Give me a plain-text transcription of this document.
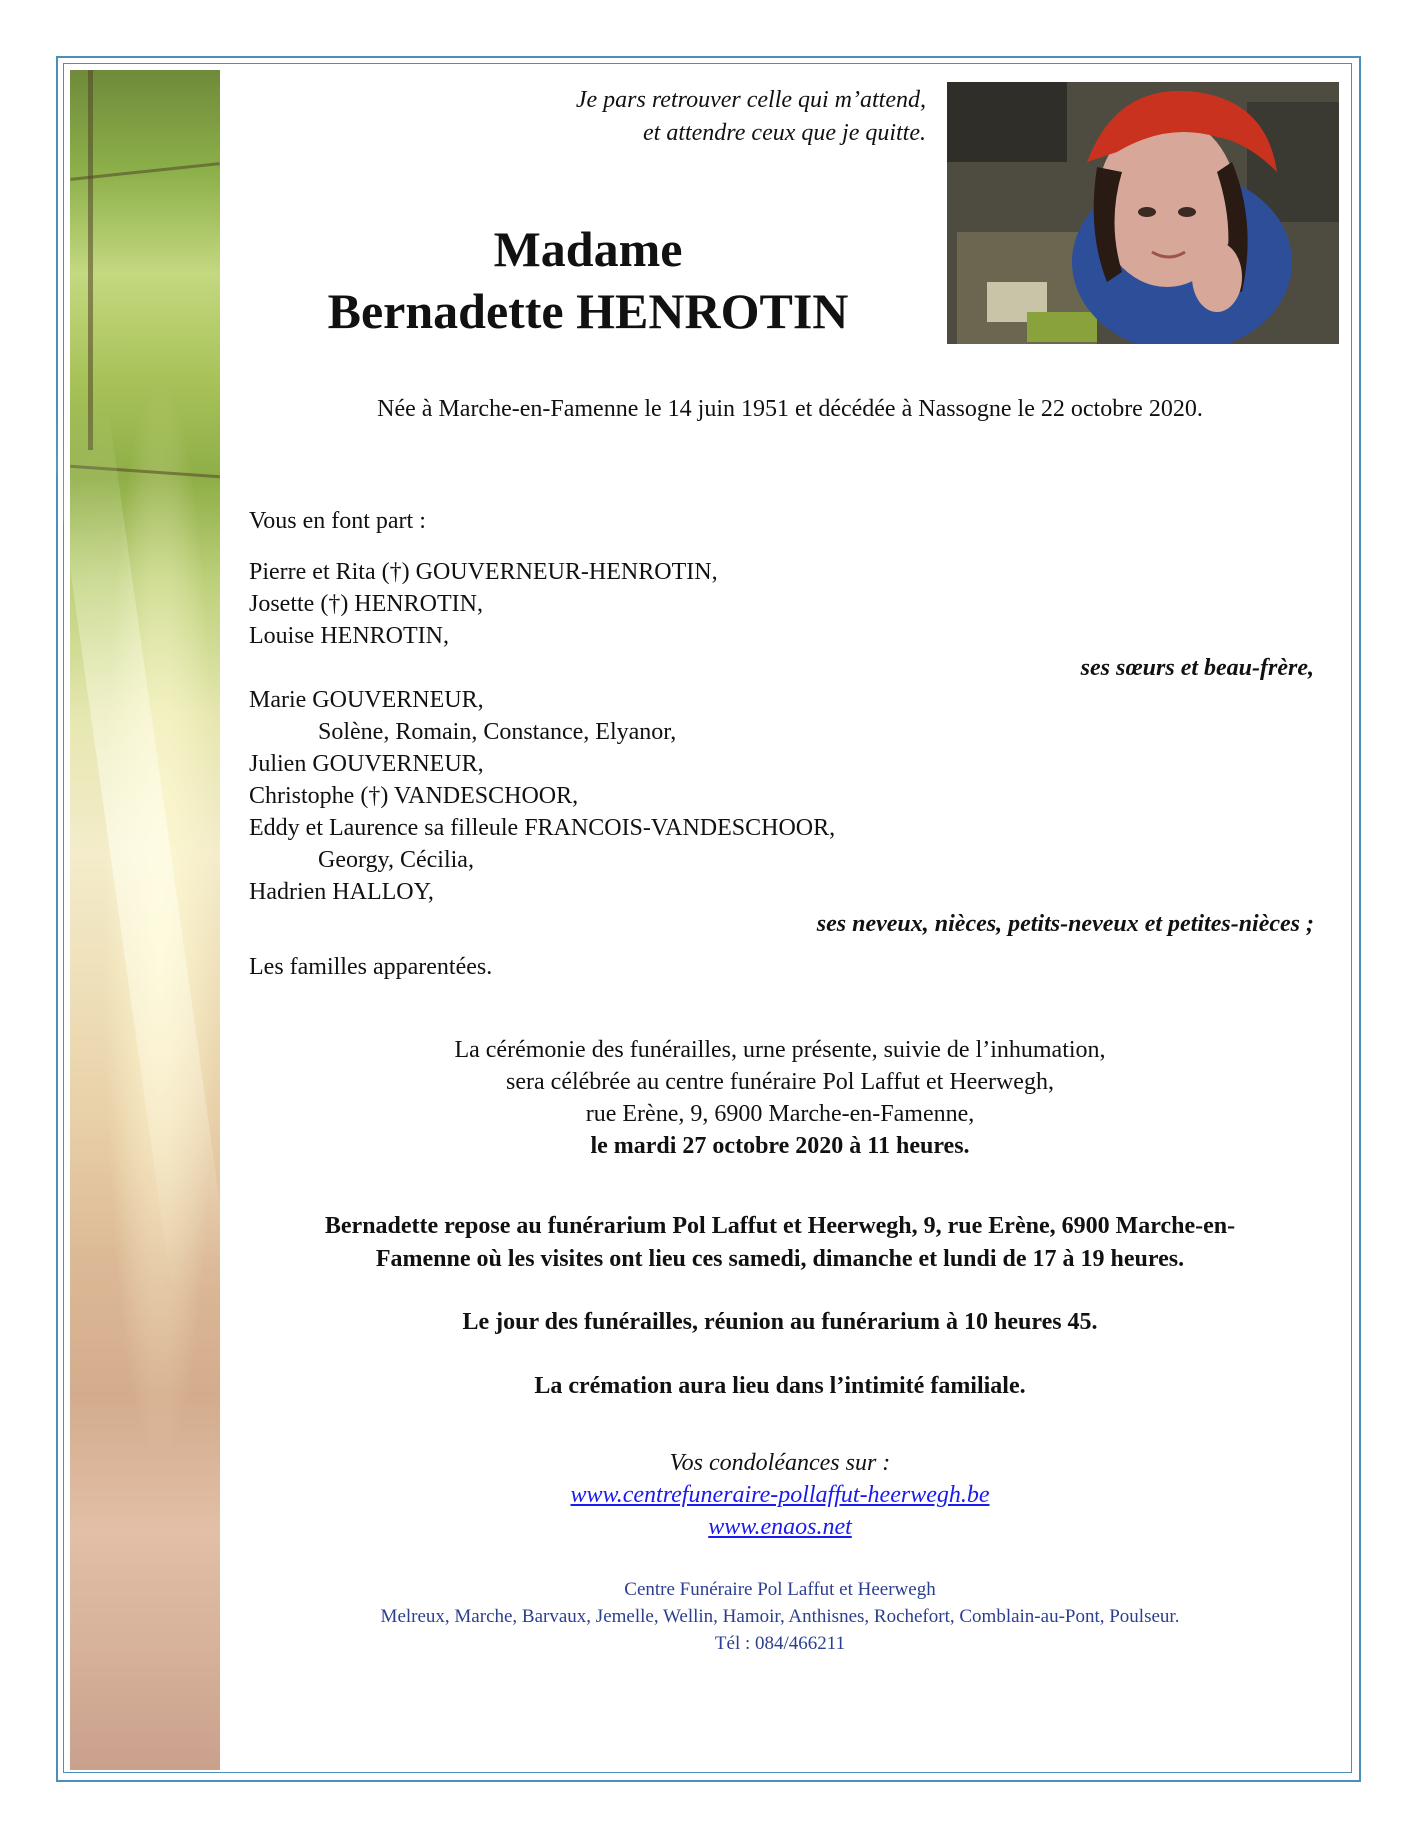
Je pars retrouver celle qui m’attend,
et attendre ceux que je quitte.
Madame
Bernadette HENROTIN
Née à Marche-en-Famenne le 14 juin 1951 et décédée à Nassogne le 22 octobre 2020.
Vous en font part :
Pierre et Rita (†) GOUVERNEUR-HENROTIN,
Josette (†) HENROTIN,
Louise HENROTIN,
ses sœurs et beau-frère,
Marie GOUVERNEUR,
Solène, Romain, Constance, Elyanor,
Julien GOUVERNEUR,
Christophe (†) VANDESCHOOR,
Eddy et Laurence sa filleule FRANCOIS-VANDESCHOOR,
Georgy, Cécilia,
Hadrien HALLOY,
ses neveux, nièces, petits-neveux et petites-nièces ;
Les familles apparentées.
La cérémonie des funérailles, urne présente, suivie de l’inhumation,
sera célébrée au centre funéraire Pol Laffut et Heerwegh,
rue Erène, 9, 6900 Marche-en-Famenne,
le mardi 27 octobre 2020 à 11 heures.
Bernadette repose au funérarium Pol Laffut et Heerwegh, 9, rue Erène, 6900 Marche-en-
Famenne où les visites ont lieu ces samedi, dimanche et lundi de 17 à 19 heures.
Le jour des funérailles, réunion au funérarium à 10 heures 45.
La crémation aura lieu dans l’intimité familiale.
Vos condoléances sur :
www.centrefuneraire-pollaffut-heerwegh.be
www.enaos.net
Centre Funéraire Pol Laffut et Heerwegh
Melreux, Marche, Barvaux, Jemelle, Wellin, Hamoir, Anthisnes, Rochefort, Comblain-au-Pont, Poulseur.
Tél : 084/466211
